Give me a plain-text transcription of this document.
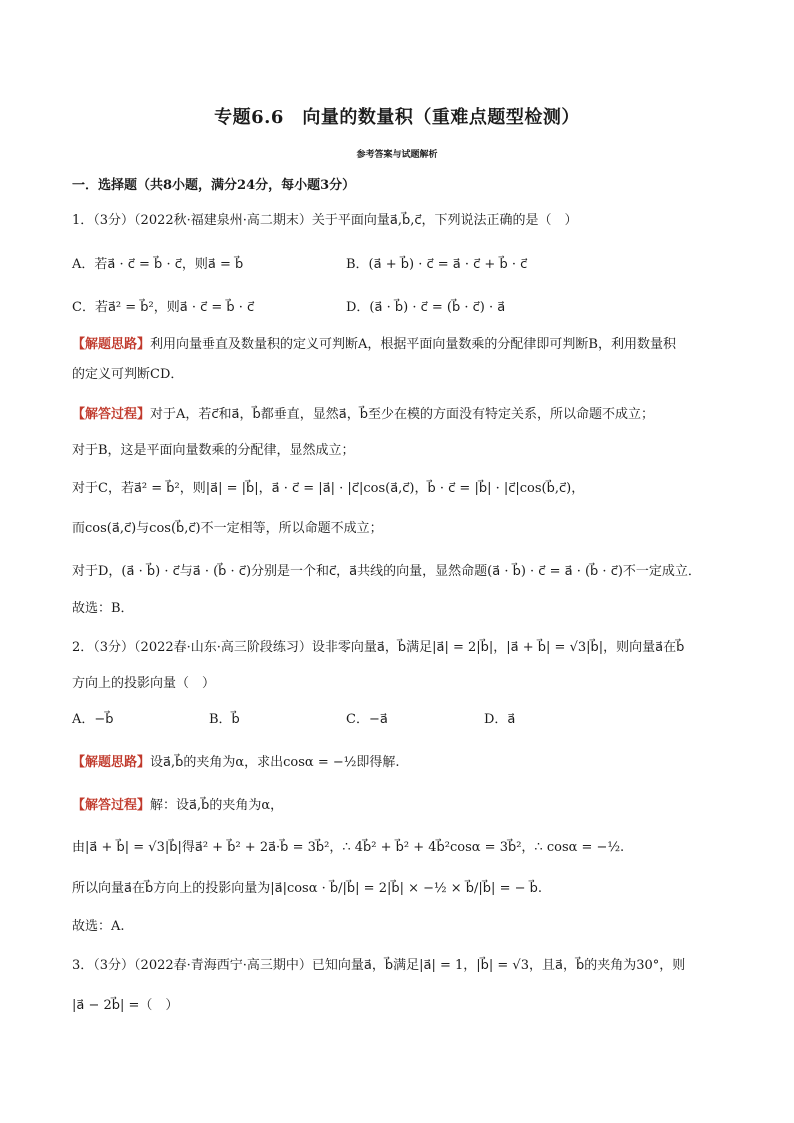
专题6.6　向量的数量积（重难点题型检测）
参考答案与试题解析
一．选择题（共8小题，满分24分，每小题3分）
1．（3分）（2022秋·福建泉州·高二期末）关于平面向量a⃗,b⃗,c⃗，下列说法正确的是（　）
A．若a⃗ · c⃗ = b⃗ · c⃗，则a⃗ = b⃗	B．(a⃗ + b⃗) · c⃗ = a⃗ · c⃗ + b⃗ · c⃗
C．若a⃗² = b⃗²，则a⃗ · c⃗ = b⃗ · c⃗	D．(a⃗ · b⃗) · c⃗ = (b⃗ · c⃗) · a⃗
【解题思路】利用向量垂直及数量积的定义可判断A，根据平面向量数乘的分配律即可判断B，利用数量积
的定义可判断CD．
【解答过程】对于A，若c⃗和a⃗，b⃗都垂直，显然a⃗，b⃗至少在模的方面没有特定关系，所以命题不成立；
对于B，这是平面向量数乘的分配律，显然成立；
对于C，若a⃗² = b⃗²，则|a⃗| = |b⃗|，a⃗ · c⃗ = |a⃗| · |c⃗|cos(a⃗,c⃗)，b⃗ · c⃗ = |b⃗| · |c⃗|cos(b⃗,c⃗)，
而cos(a⃗,c⃗)与cos(b⃗,c⃗)不一定相等，所以命题不成立；
对于D，(a⃗ · b⃗) · c⃗与a⃗ · (b⃗ · c⃗)分别是一个和c⃗，a⃗共线的向量，显然命题(a⃗ · b⃗) · c⃗ = a⃗ · (b⃗ · c⃗)不一定成立．
故选：B．
2．（3分）（2022春·山东·高三阶段练习）设非零向量a⃗，b⃗满足|a⃗| = 2|b⃗|，|a⃗ + b⃗| = √3|b⃗|，则向量a⃗在b⃗
方向上的投影向量（　）
A．−b⃗	B．b⃗	C．−a⃗	D．a⃗
【解题思路】设a⃗,b⃗的夹角为α，求出cosα = −½即得解.
【解答过程】解：设a⃗,b⃗的夹角为α，
由|a⃗ + b⃗| = √3|b⃗|得a⃗² + b⃗² + 2a⃗·b⃗ = 3b⃗²，∴ 4b⃗² + b⃗² + 4b⃗²cosα = 3b⃗²，∴ cosα = −½.
所以向量a⃗在b⃗方向上的投影向量为|a⃗|cosα · b⃗/|b⃗| = 2|b⃗| × −½ × b⃗/|b⃗| = − b⃗.
故选：A.
3．（3分）（2022春·青海西宁·高三期中）已知向量a⃗，b⃗满足|a⃗| = 1，|b⃗| = √3，且a⃗，b⃗的夹角为30°，则
|a⃗ − 2b⃗| =（　）
